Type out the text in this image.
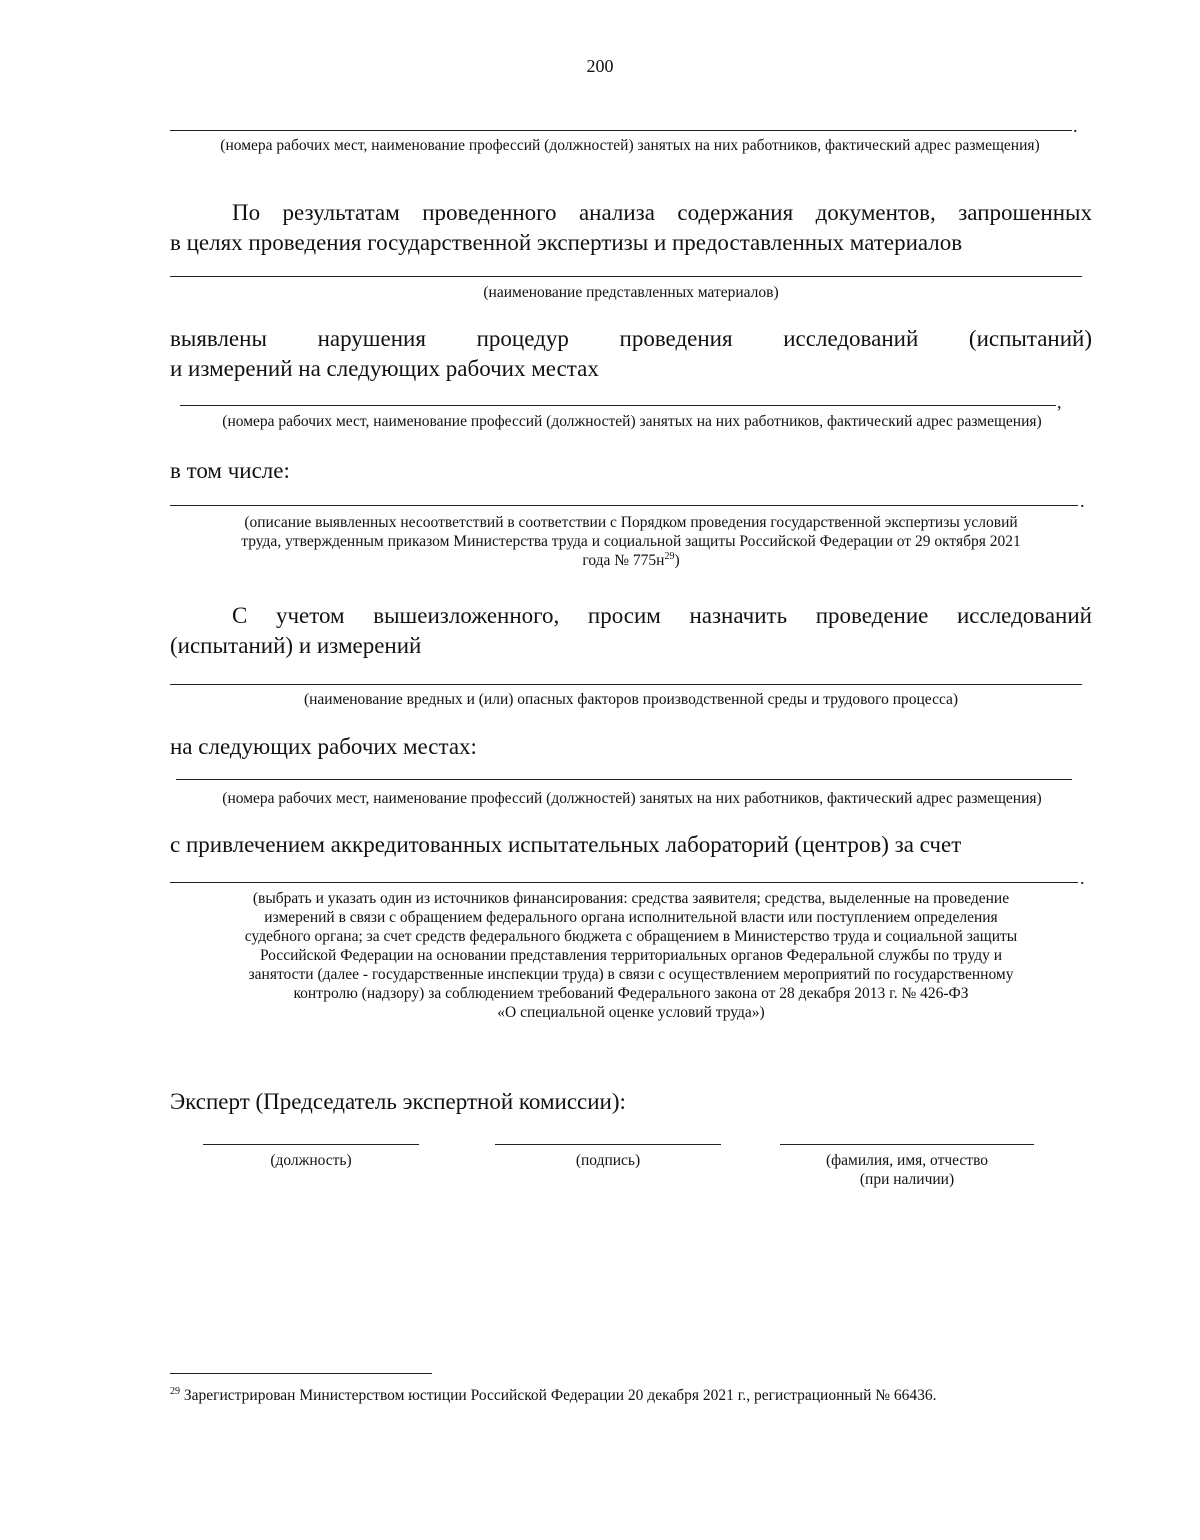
200
.
(номера рабочих мест, наименование профессий (должностей) занятых на них работников, фактический адрес размещения)
По результатам проведенного анализа содержания документов, запрошенных
в целях проведения государственной экспертизы и предоставленных материалов
(наименование представленных материалов)
выявлены нарушения процедур проведения исследований (испытаний)
и измерений на следующих рабочих местах
,
(номера рабочих мест, наименование профессий (должностей) занятых на них работников, фактический адрес размещения)
в том числе:
.
(описание выявленных несоответствий в соответствии с Порядком проведения государственной экспертизы условий
труда, утвержденным приказом Министерства труда и социальной защиты Российской Федерации от 29 октября 2021
года № $775н^{29}$)
С учетом вышеизложенного, просим назначить проведение исследований
(испытаний) и измерений
(наименование вредных и (или) опасных факторов производственной среды и трудового процесса)
на следующих рабочих местах:
(номера рабочих мест, наименование профессий (должностей) занятых на них работников, фактический адрес размещения)
с привлечением аккредитованных испытательных лабораторий (центров) за счет
.
(выбрать и указать один из источников финансирования: средства заявителя; средства, выделенные на проведение
измерений в связи с обращением федерального органа исполнительной власти или поступлением определения
судебного органа; за счет средств федерального бюджета с обращением в Министерство труда и социальной защиты
Российской Федерации на основании представления территориальных органов Федеральной службы по труду и
занятости (далее - государственные инспекции труда) в связи с осуществлением мероприятий по государственному
контролю (надзору) за соблюдением требований Федерального закона от 28 декабря 2013 г. № 426-ФЗ
«О специальной оценке условий труда»)
Эксперт (Председатель экспертной комиссии):
(должность)	(подпись)	(фамилия, имя, отчество
(при наличии)
$^{29}$ Зарегистрирован Министерством юстиции Российской Федерации 20 декабря 2021 г., регистрационный № 66436.
